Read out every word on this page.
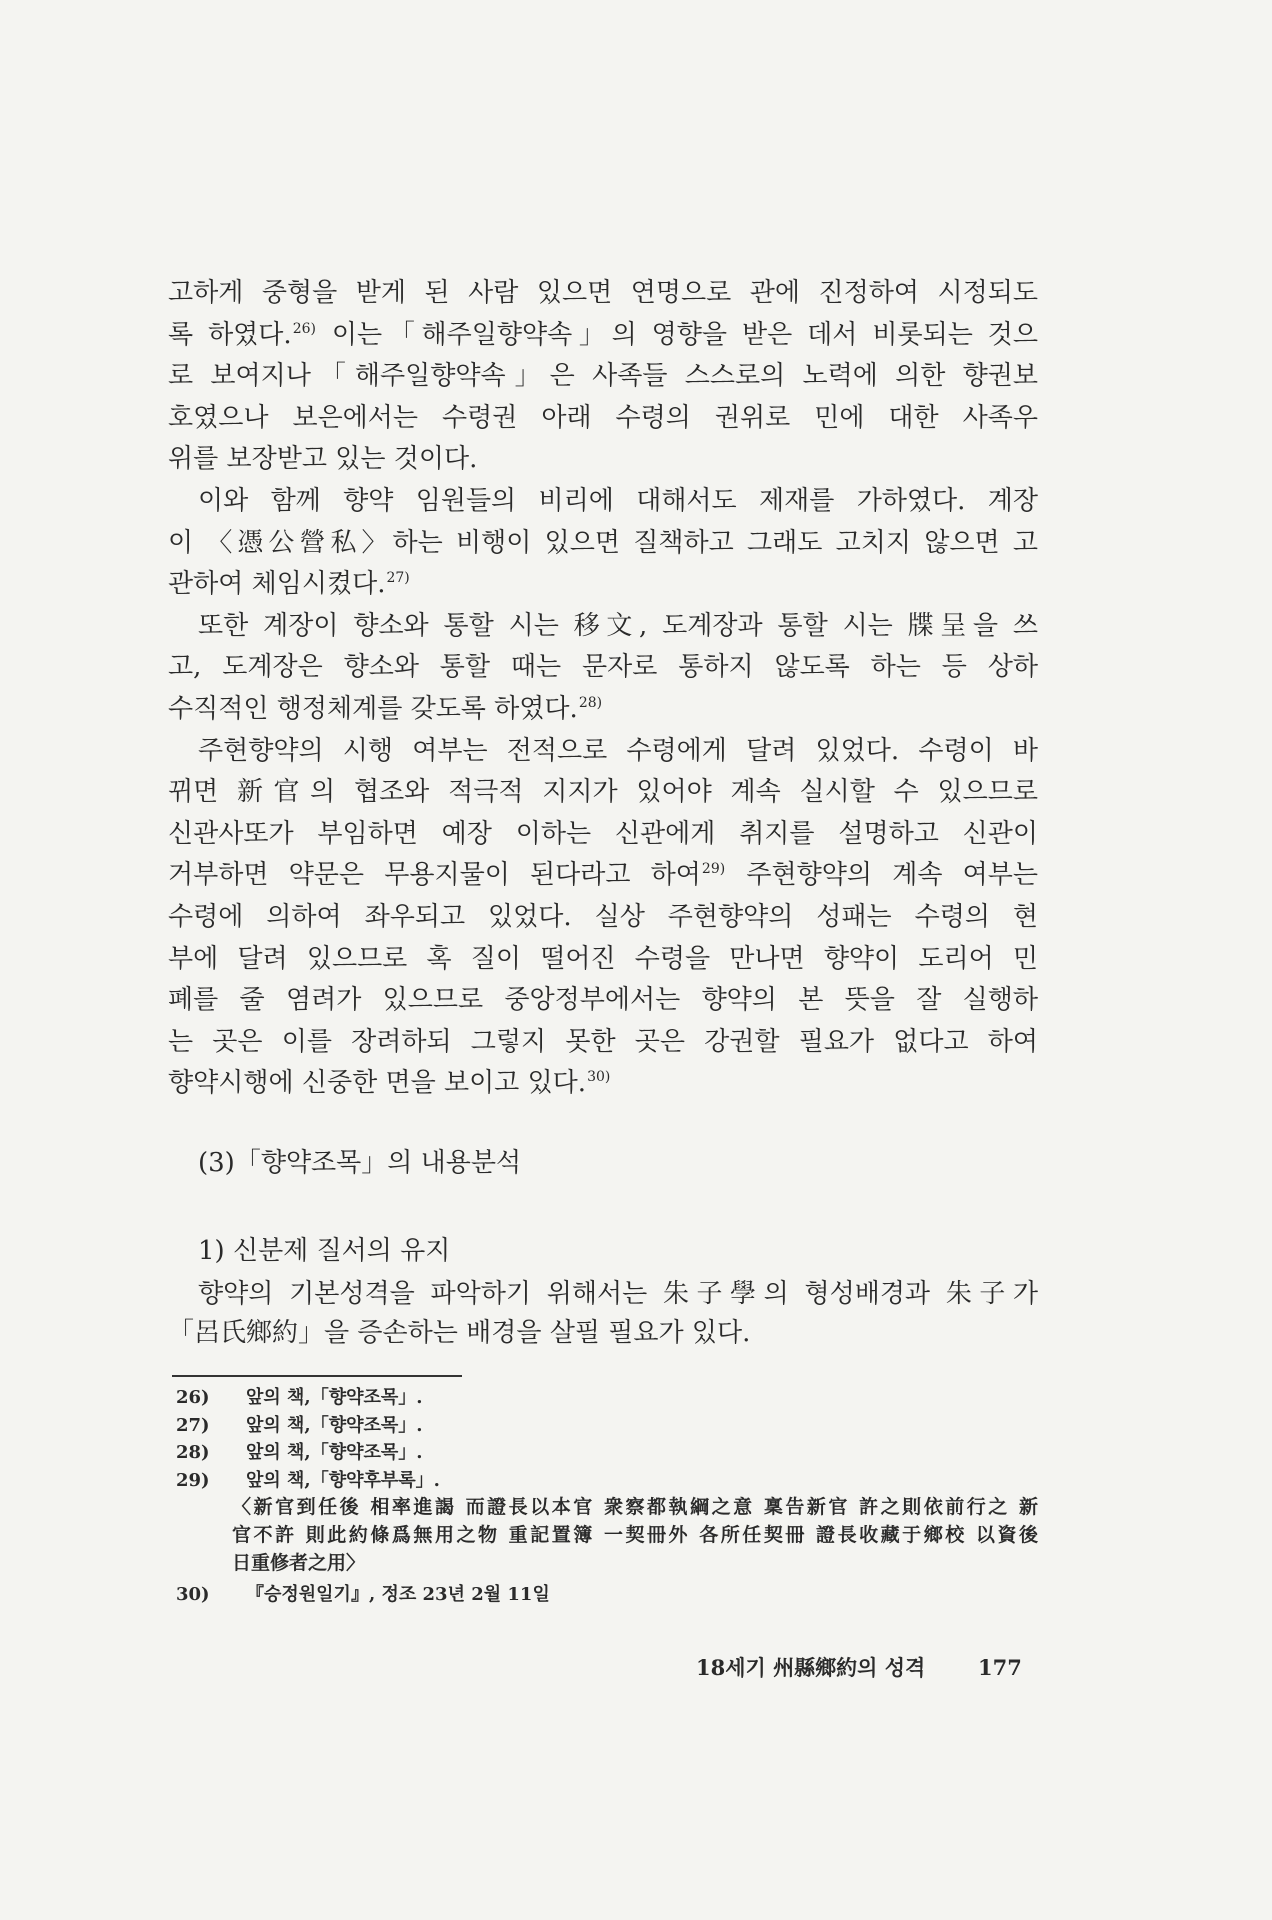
고하게 중형을 받게 된 사람 있으면 연명으로 관에 진정하여 시정되도
록 하였다.$^{26)}$ 이는「해주일향약속」의 영향을 받은 데서 비롯되는 것으
로 보여지나「해주일향약속」은 사족들 스스로의 노력에 의한 향권보
호였으나 보은에서는 수령권 아래 수령의 권위로 민에 대한 사족우
위를 보장받고 있는 것이다.
이와 함께 향약 임원들의 비리에 대해서도 제재를 가하였다. 계장
이 〈憑公營私〉하는 비행이 있으면 질책하고 그래도 고치지 않으면 고
관하여 체임시켰다.$^{27)}$
또한 계장이 향소와 통할 시는 移文, 도계장과 통할 시는 牒呈을 쓰
고, 도계장은 향소와 통할 때는 문자로 통하지 않도록 하는 등 상하
수직적인 행정체계를 갖도록 하였다.$^{28)}$
주현향약의 시행 여부는 전적으로 수령에게 달려 있었다. 수령이 바
뀌면 新官의 협조와 적극적 지지가 있어야 계속 실시할 수 있으므로
신관사또가 부임하면 예장 이하는 신관에게 취지를 설명하고 신관이
거부하면 약문은 무용지물이 된다라고 하여$^{29)}$ 주현향약의 계속 여부는
수령에 의하여 좌우되고 있었다. 실상 주현향약의 성패는 수령의 현
부에 달려 있으므로 혹 질이 떨어진 수령을 만나면 향약이 도리어 민
폐를 줄 염려가 있으므로 중앙정부에서는 향약의 본 뜻을 잘 실행하
는 곳은 이를 장려하되 그렇지 못한 곳은 강권할 필요가 없다고 하여
향약시행에 신중한 면을 보이고 있다.$^{30)}$
(3)「향약조목」의 내용분석
1) 신분제 질서의 유지
향약의 기본성격을 파악하기 위해서는 朱子學의 형성배경과 朱子가
「呂氏鄉約」을 증손하는 배경을 살필 필요가 있다.
26) 앞의 책,「향약조목」.
27) 앞의 책,「향약조목」.
28) 앞의 책,「향약조목」.
29) 앞의 책,「향약후부록」.
〈新官到任後 相率進謁 而證長以本官 衆察都執綱之意 稟告新官 許之則依前行之 新
官不許 則此約條爲無用之物 重記置簿 一契冊外 各所任契冊 證長收藏于鄉校 以資後
日重修者之用〉
30) 『승정원일기』, 정조 23년 2월 11일
18세기 州縣鄉約의 성격	177
